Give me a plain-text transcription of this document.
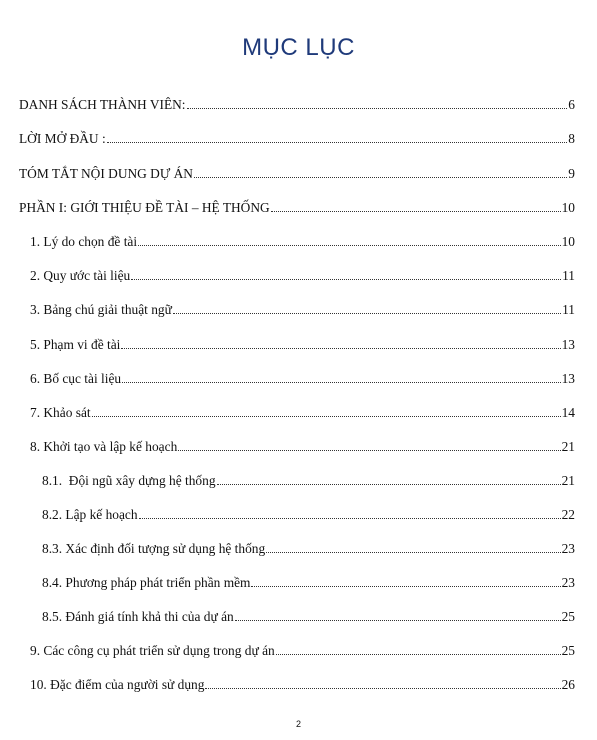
MỤC LỤC
DANH SÁCH THÀNH VIÊN:	6
LỜI MỞ ĐẦU :	8
TÓM TẮT NỘI DUNG DỰ ÁN	9
PHẦN I: GIỚI THIỆU ĐỀ TÀI – HỆ THỐNG	10
1. Lý do chọn đề tài	10
2. Quy ước tài liệu	11
3. Bảng chú giải thuật ngữ	11
5. Phạm vi đề tài	13
6. Bố cục tài liệu	13
7. Khảo sát	14
8. Khởi tạo và lập kế hoạch	21
8.1.  Đội ngũ xây dựng hệ thống	21
8.2. Lập kế hoạch	22
8.3. Xác định đối tượng sử dụng hệ thống	23
8.4. Phương pháp phát triển phần mềm	23
8.5. Đánh giá tính khả thi của dự án	25
9. Các công cụ phát triển sử dụng trong dự án	25
10. Đặc điểm của người sử dụng	26
2
